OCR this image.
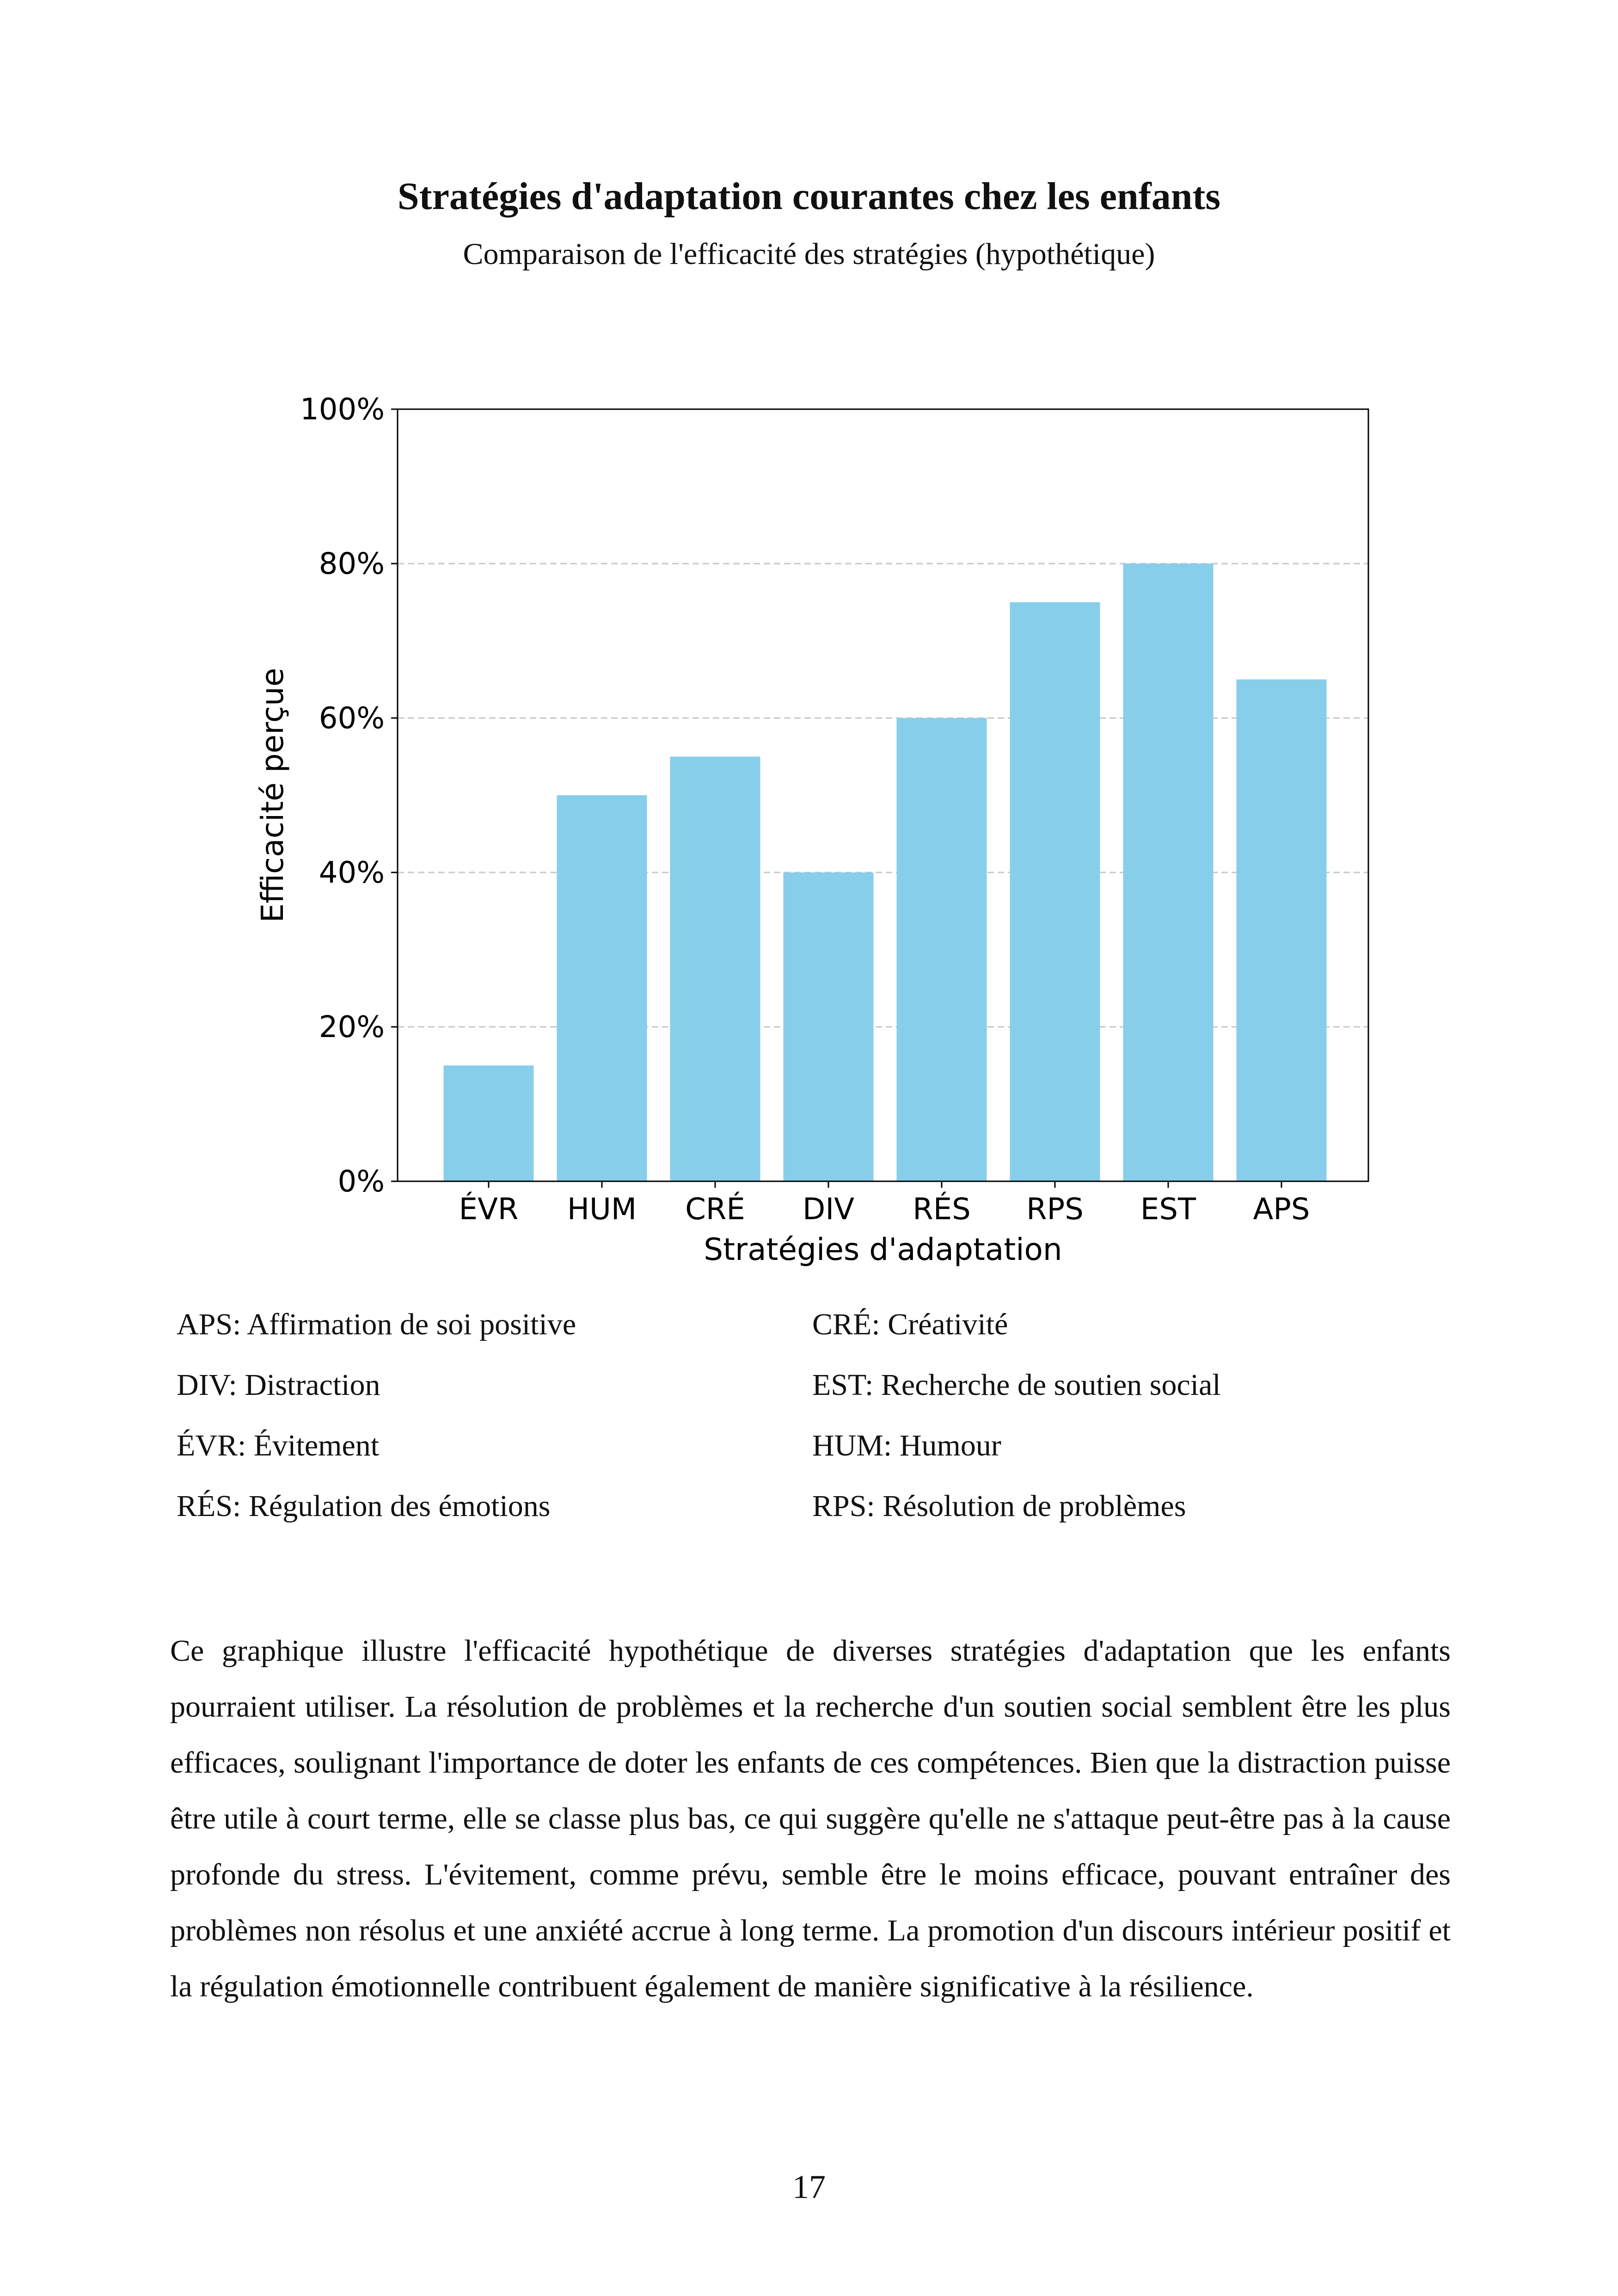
Stratégies d'adaptation courantes chez les enfants
Comparaison de l'efficacité des stratégies (hypothétique)
ÉVR HUM CRÉ DIV RÉS RPS EST APS
0%
20%
40%
60%
80%
100%
Stratégies d'adaptation
Efficacité perçue
APS: Affirmation de soi positive	CRÉ: Créativité
DIV: Distraction	EST: Recherche de soutien social
ÉVR: Évitement	HUM: Humour
RÉS: Régulation des émotions	RPS: Résolution de problèmes

Ce graphique illustre l'efficacité hypothétique de diverses stratégies d'adaptation que les enfants pourraient utiliser. La résolution de problèmes et la recherche d'un soutien social semblent être les plus efficaces, soulignant l'importance de doter les enfants de ces compétences. Bien que la distraction puisse être utile à court terme, elle se classe plus bas, ce qui suggère qu'elle ne s'attaque peut-être pas à la cause profonde du stress. L'évitement, comme prévu, semble être le moins efficace, pouvant entraîner des problèmes non résolus et une anxiété accrue à long terme. La promotion d'un discours intérieur positif et la régulation émotionnelle contribuent également de manière significative à la résilience.

17
